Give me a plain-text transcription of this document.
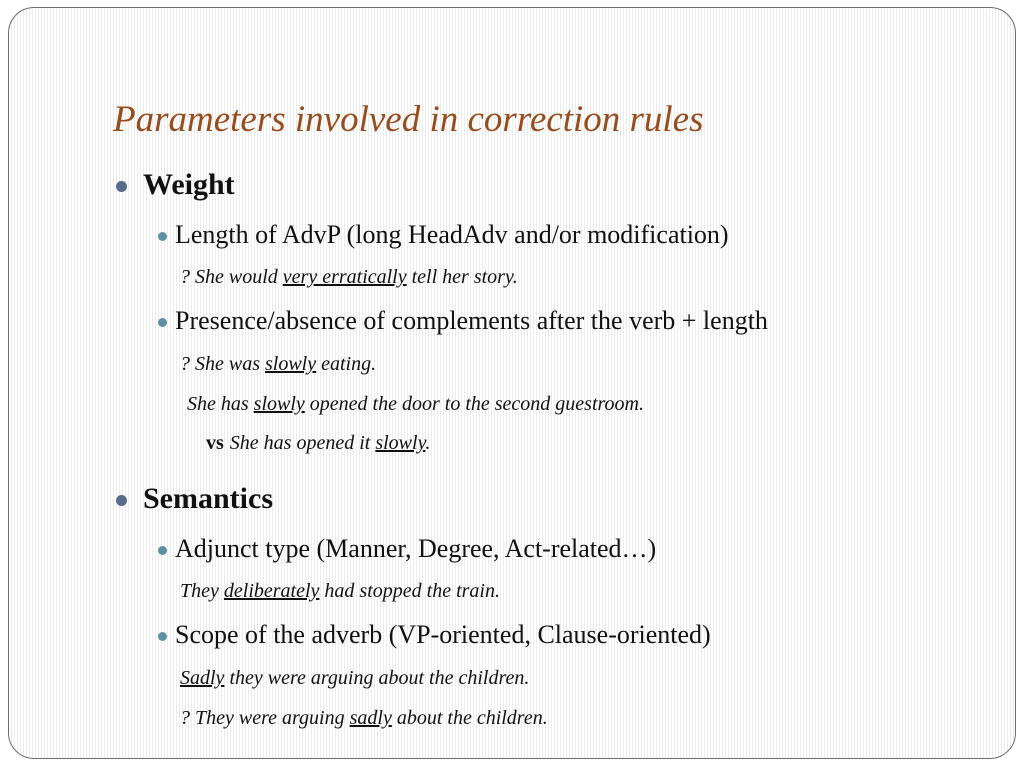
Parameters involved in correction rules
Weight
Length of AdvP (long HeadAdv and/or modification)
? She would very erratically tell her story.
Presence/absence of complements after the verb + length
? She was slowly eating.
She has slowly opened the door to the second guestroom.
vs She has opened it slowly.
Semantics
Adjunct type (Manner, Degree, Act-related…)
They deliberately had stopped the train.
Scope of the adverb (VP-oriented, Clause-oriented)
Sadly they were arguing about the children.
? They were arguing sadly about the children.
